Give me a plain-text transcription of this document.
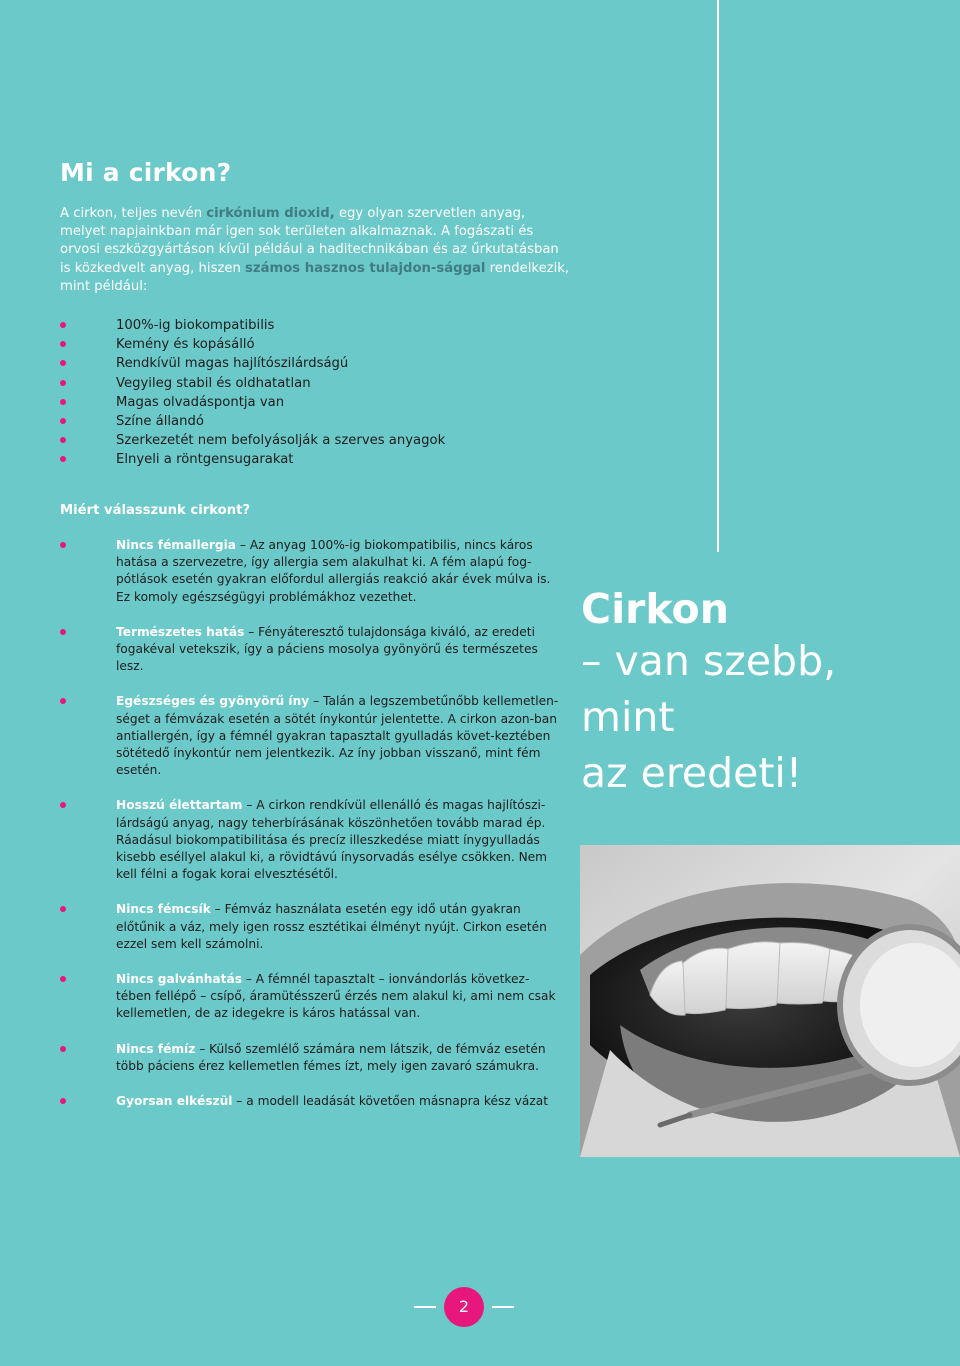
Mi a cirkon?

A cirkon, teljes nevén cirkónium dioxid, egy olyan szervetlen anyag, melyet napjainkban már igen sok területen alkalmaznak. A fogászati és orvosi eszközgyártáson kívül például a haditechnikában és az űrkutatásban is közkedvelt anyag, hiszen számos hasznos tulajdon-sággal rendelkezik, mint például:

100%-ig biokompatibilis
Kemény és kopásálló
Rendkívül magas hajlítószilárdságú
Vegyileg stabil és oldhatatlan
Magas olvadáspontja van
Színe állandó
Szerkezetét nem befolyásolják a szerves anyagok
Elnyeli a röntgensugarakat
Miért válasszunk cirkont?
Nincs fémallergia – Az anyag 100%-ig biokompatibilis, nincs káros hatása a szervezetre, így allergia sem alakulhat ki. A fém alapú fog-pótlások esetén gyakran előfordul allergiás reakció akár évek múlva is. Ez komoly egészségügyi problémákhoz vezethet.
Természetes hatás – Fényáteresztő tulajdonsága kiváló, az eredeti fogakéval vetekszik, így a páciens mosolya gyönyörű és természetes lesz.
Egészséges és gyönyörű íny – Talán a legszembetűnőbb kellemetlen-séget a fémvázak esetén a sötét ínykontúr jelentette. A cirkon azon-ban antiallergén, így a fémnél gyakran tapasztalt gyulladás követ-keztében sötétedő ínykontúr nem jelentkezik. Az íny jobban visszanő, mint fém esetén.
Hosszú élettartam – A cirkon rendkívül ellenálló és magas hajlítószi-lárdságú anyag, nagy teherbírásának köszönhetően tovább marad ép. Ráadásul biokompatibilitása és precíz illeszkedése miatt ínygyulladás kisebb eséllyel alakul ki, a rövidtávú ínysorvadás esélye csökken. Nem kell félni a fogak korai elvesztésétől.
Nincs fémcsík – Fémváz használata esetén egy idő után gyakran előtűnik a váz, mely igen rossz esztétikai élményt nyújt. Cirkon esetén ezzel sem kell számolni.
Nincs galvánhatás – A fémnél tapasztalt – ionvándorlás következ-tében fellépő – csípő, áramütésszerű érzés nem alakul ki, ami nem csak kellemetlen, de az idegekre is káros hatással van.
Nincs fémíz – Külső szemlélő számára nem látszik, de fémváz esetén több páciens érez kellemetlen fémes ízt, mely igen zavaró számukra.
Gyorsan elkészül – a modell leadását követően másnapra kész vázat
Cirkon
– van szebb,
mint
az eredeti!
2
